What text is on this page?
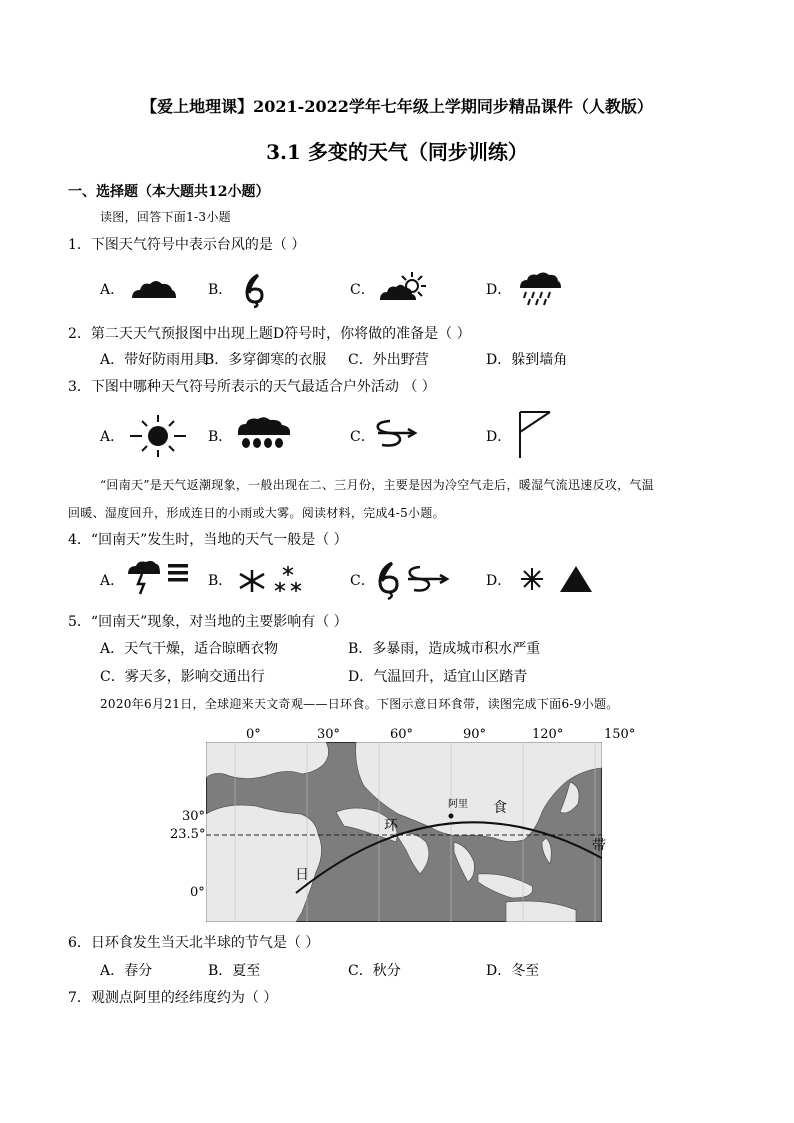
【爱上地理课】2021-2022学年七年级上学期同步精品课件（人教版）
3.1 多变的天气（同步训练）
一、选择题（本大题共12小题）
读图，回答下面1-3小题
1．下图天气符号中表示台风的是（ ）
A．	B．	C．	D．
2．第二天天气预报图中出现上题D符号时，你将做的准备是（ ）
A．带好防雨用具
B．多穿御寒的衣服 C．外出野营	D．躲到墙角
3．下图中哪种天气符号所表示的天气最适合户外活动 （ ）
A．	B．	C．	D．
“回南天”是天气返潮现象，一般出现在二、三月份，主要是因为冷空气走后，暖湿气流迅速反攻，气温
回暖、湿度回升，形成连日的小雨或大雾。阅读材料，完成4-5小题。
4．“回南天”发生时，当地的天气一般是（ ）
A．	B．	C．	D．
5．“回南天”现象，对当地的主要影响有（ ）
A．天气干燥，适合晾晒衣物	B．多暴雨，造成城市积水严重
C．雾天多，影响交通出行	D．气温回升，适宜山区踏青
2020年6月21日，全球迎来天文奇观——日环食。下图示意日环食带，读图完成下面6-9小题。
0°	30°	60°	90°	120°	150°
30°
23.5°
0°
阿里
日
环
食
带
6．日环食发生当天北半球的节气是（ ）
A．春分	B．夏至	C．秋分	D．冬至
7．观测点阿里的经纬度约为（ ）
